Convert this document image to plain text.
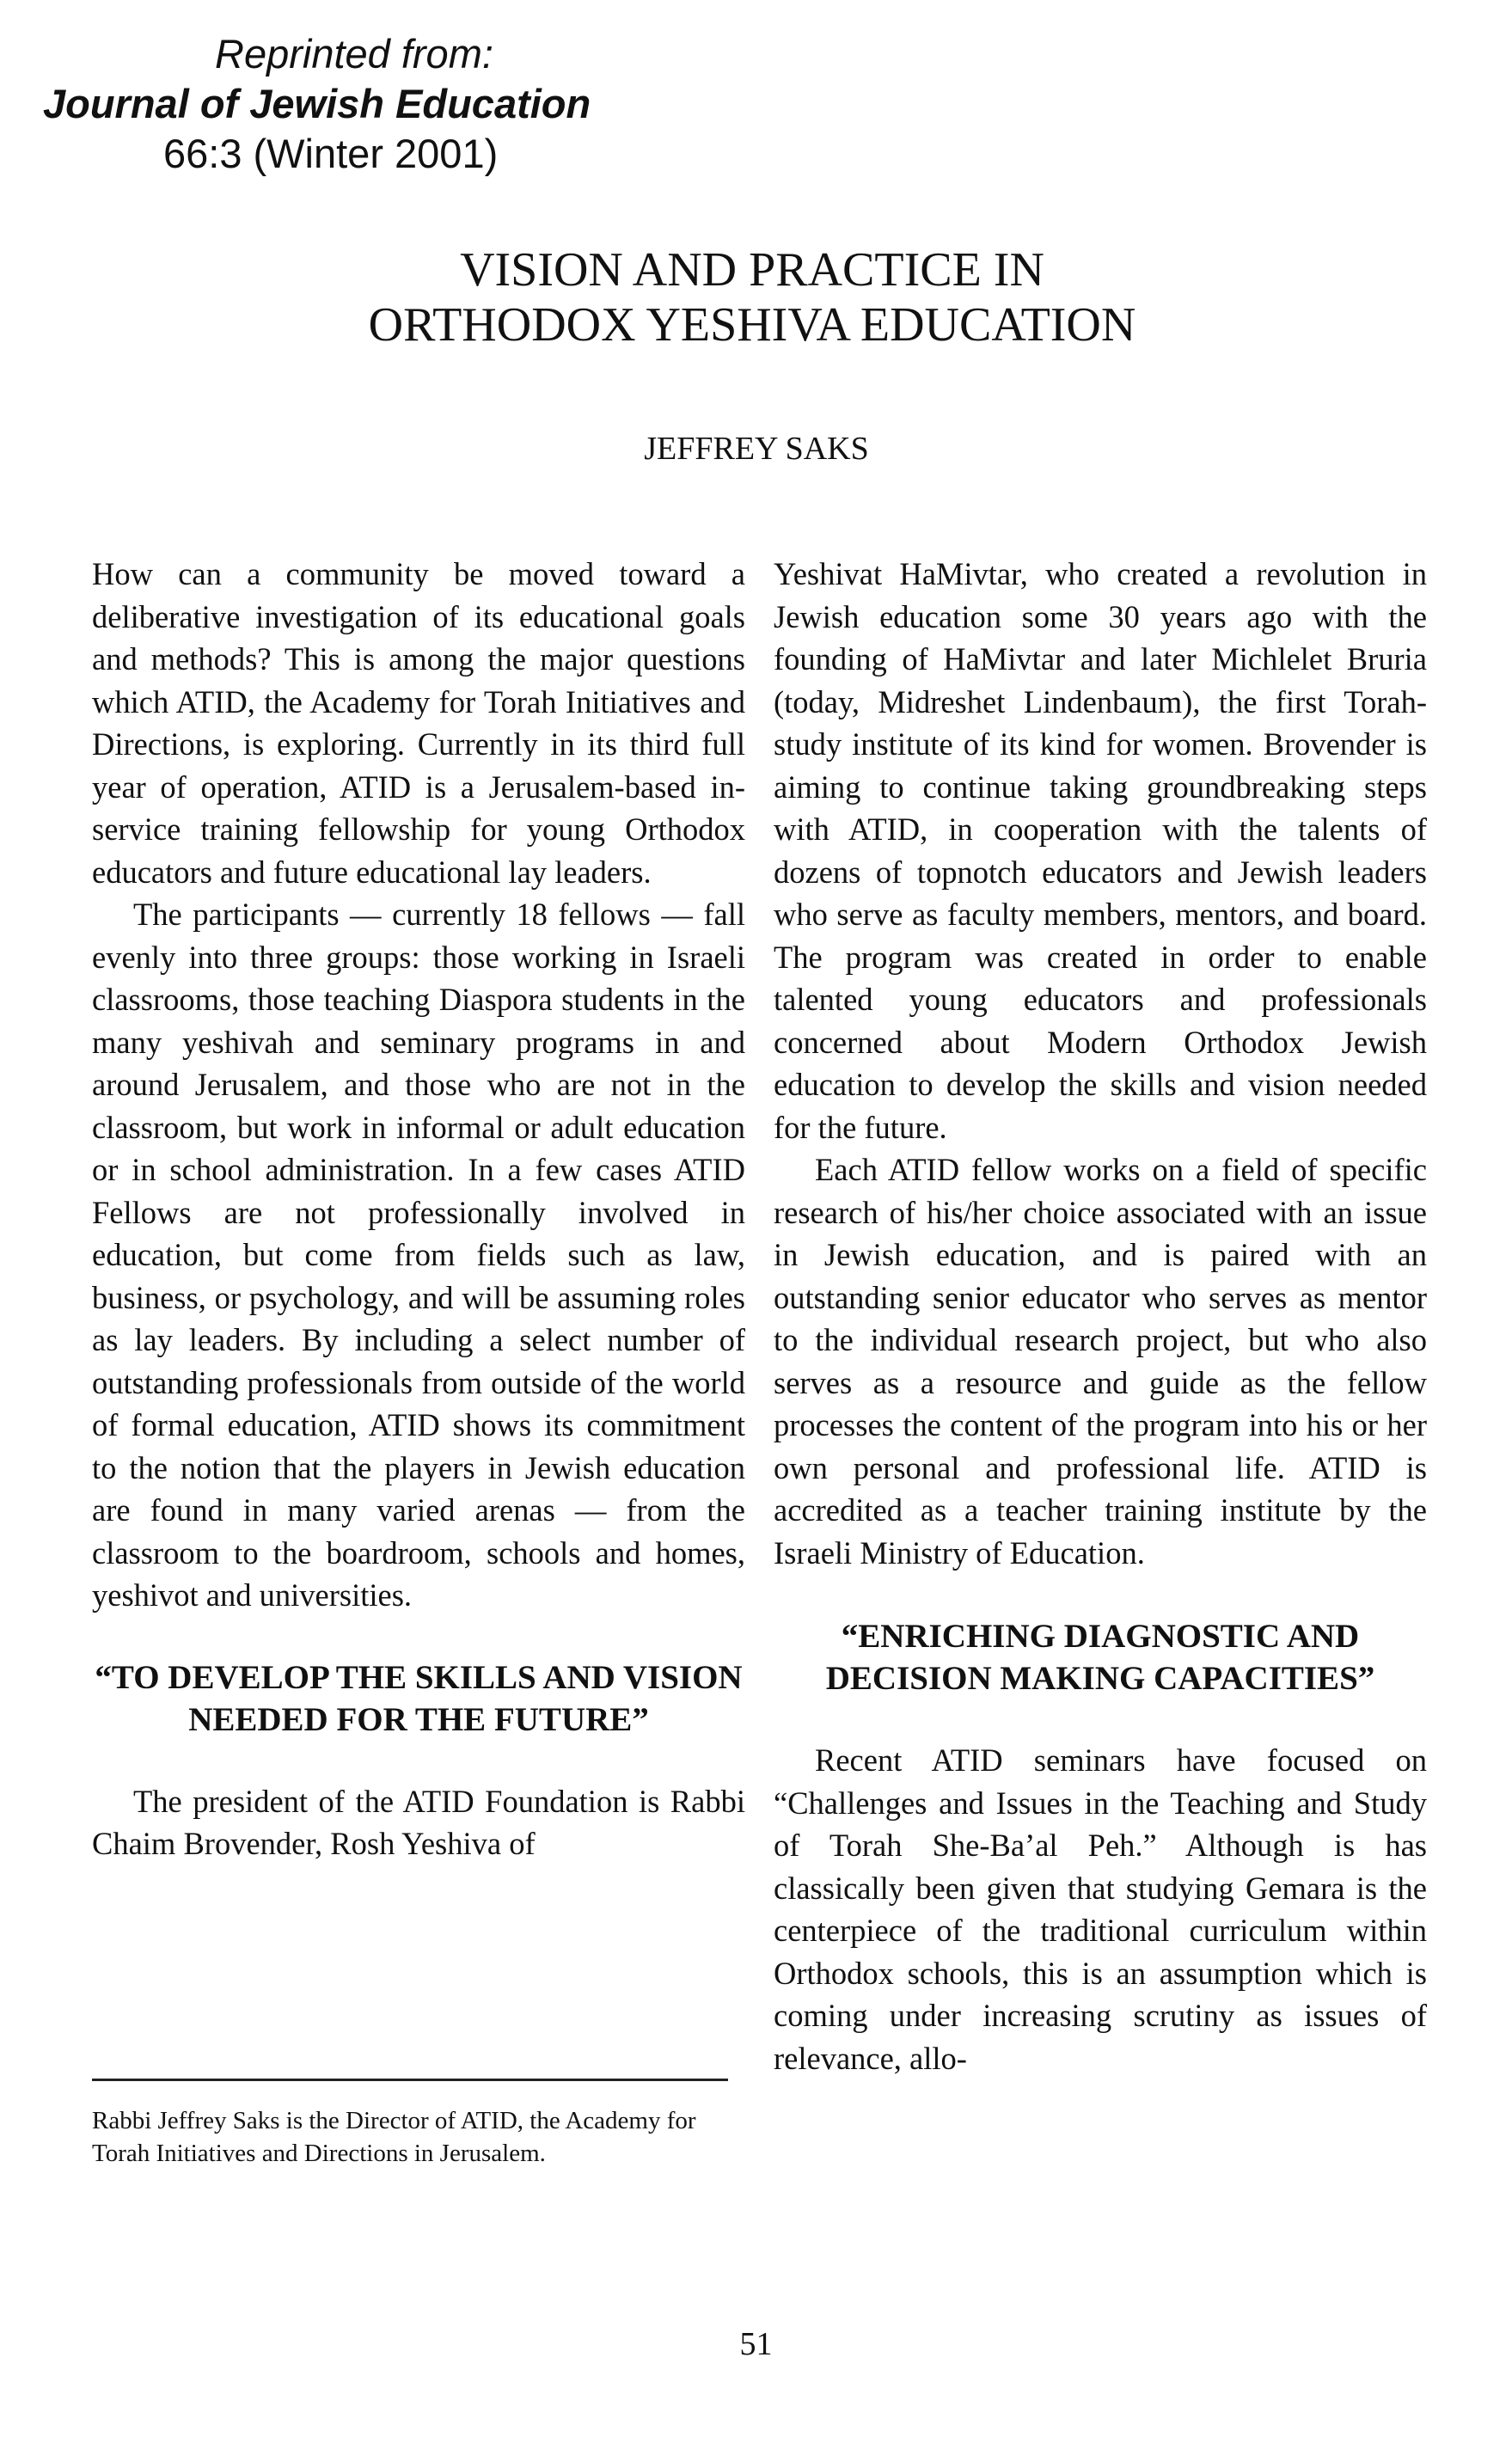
Reprinted from:

Journal of Jewish Education

66:3 (Winter 2001)

VISION AND PRACTICE IN
ORTHODOX YESHIVA EDUCATION
JEFFREY SAKS

How can a community be moved toward a deliberative investigation of its educational goals and methods? This is among the major questions which ATID, the Academy for Torah Initiatives and Directions, is exploring. Currently in its third full year of operation, ATID is a Jerusalem-based in-service training fellowship for young Orthodox educators and future educational lay leaders.

The participants — currently 18 fellows — fall evenly into three groups: those working in Israeli classrooms, those teaching Diaspora students in the many yeshivah and seminary programs in and around Jerusalem, and those who are not in the classroom, but work in informal or adult education or in school administration. In a few cases ATID Fellows are not professionally involved in education, but come from fields such as law, business, or psychology, and will be assuming roles as lay leaders. By including a select number of outstanding professionals from outside of the world of formal education, ATID shows its commitment to the notion that the players in Jewish education are found in many varied arenas — from the classroom to the boardroom, schools and homes, yeshivot and universities.

“TO DEVELOP THE SKILLS AND VISION NEEDED FOR THE FUTURE”

The president of the ATID Foundation is Rabbi Chaim Brovender, Rosh Yeshiva of

Yeshivat HaMivtar, who created a revolution in Jewish education some 30 years ago with the founding of HaMivtar and later Michlelet Bruria (today, Midreshet Lindenbaum), the first Torah-study institute of its kind for women. Brovender is aiming to continue taking groundbreaking steps with ATID, in cooperation with the talents of dozens of topnotch educators and Jewish leaders who serve as faculty members, mentors, and board. The program was created in order to enable talented young educators and professionals concerned about Modern Orthodox Jewish education to develop the skills and vision needed for the future.

Each ATID fellow works on a field of specific research of his/her choice associated with an issue in Jewish education, and is paired with an outstanding senior educator who serves as mentor to the individual research project, but who also serves as a resource and guide as the fellow processes the content of the program into his or her own personal and professional life. ATID is accredited as a teacher training institute by the Israeli Ministry of Education.

“ENRICHING DIAGNOSTIC AND DECISION MAKING CAPACITIES”

Recent ATID seminars have focused on “Challenges and Issues in the Teaching and Study of Torah She-Ba’al Peh.” Although is has classically been given that studying Gemara is the centerpiece of the traditional curriculum within Orthodox schools, this is an assumption which is coming under increasing scrutiny as issues of relevance, allo-

Rabbi Jeffrey Saks is the Director of ATID, the Academy for Torah Initiatives and Directions in Jerusalem.
51
